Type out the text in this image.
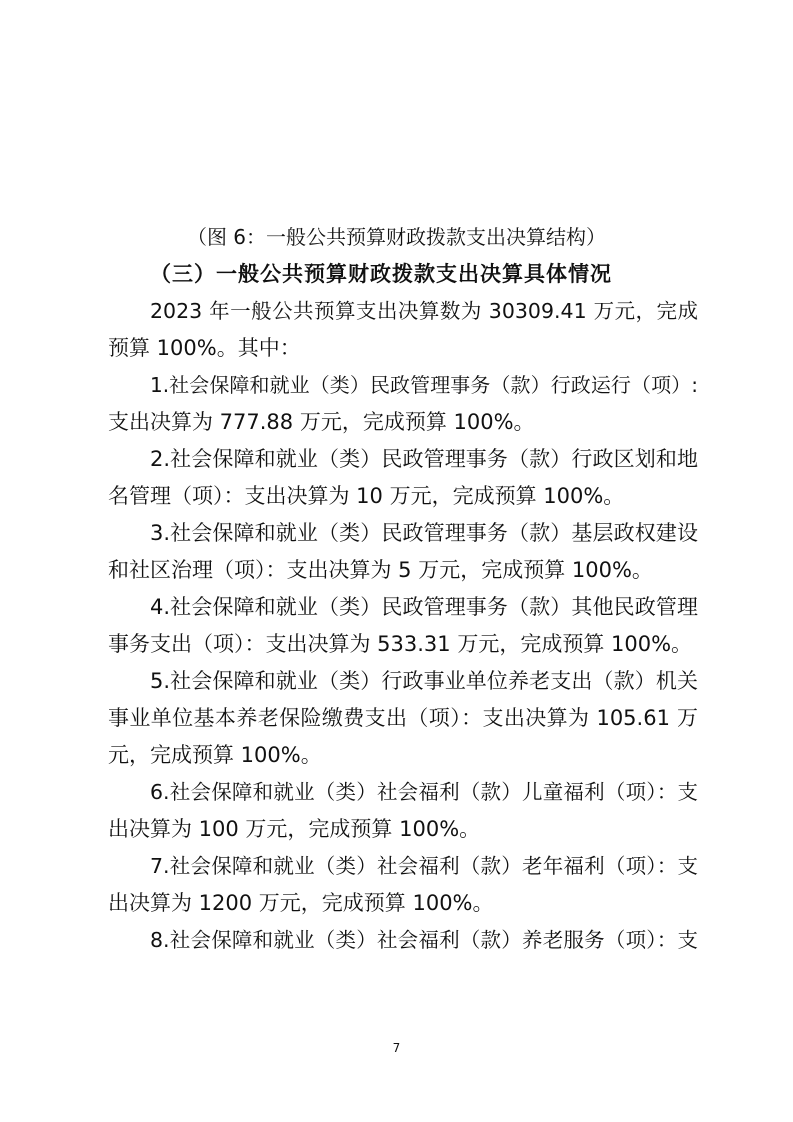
（图 6：一般公共预算财政拨款支出决算结构）
（三）一般公共预算财政拨款支出决算具体情况
2023 年一般公共预算支出决算数为 30309.41 万元，完成
预算 100%。其中：
1.社会保障和就业（类）民政管理事务（款）行政运行（项）:
支出决算为 777.88 万元，完成预算 100%。
2.社会保障和就业（类）民政管理事务（款）行政区划和地
名管理（项）：支出决算为 10 万元，完成预算 100%。
3.社会保障和就业（类）民政管理事务（款）基层政权建设
和社区治理（项）：支出决算为 5 万元，完成预算 100%。
4.社会保障和就业（类）民政管理事务（款）其他民政管理
事务支出（项）：支出决算为 533.31 万元，完成预算 100%。
5.社会保障和就业（类）行政事业单位养老支出（款）机关
事业单位基本养老保险缴费支出（项）：支出决算为 105.61 万
元，完成预算 100%。
6.社会保障和就业（类）社会福利（款）儿童福利（项）：支
出决算为 100 万元，完成预算 100%。
7.社会保障和就业（类）社会福利（款）老年福利（项）：支
出决算为 1200 万元，完成预算 100%。
8.社会保障和就业（类）社会福利（款）养老服务（项）：支
7
